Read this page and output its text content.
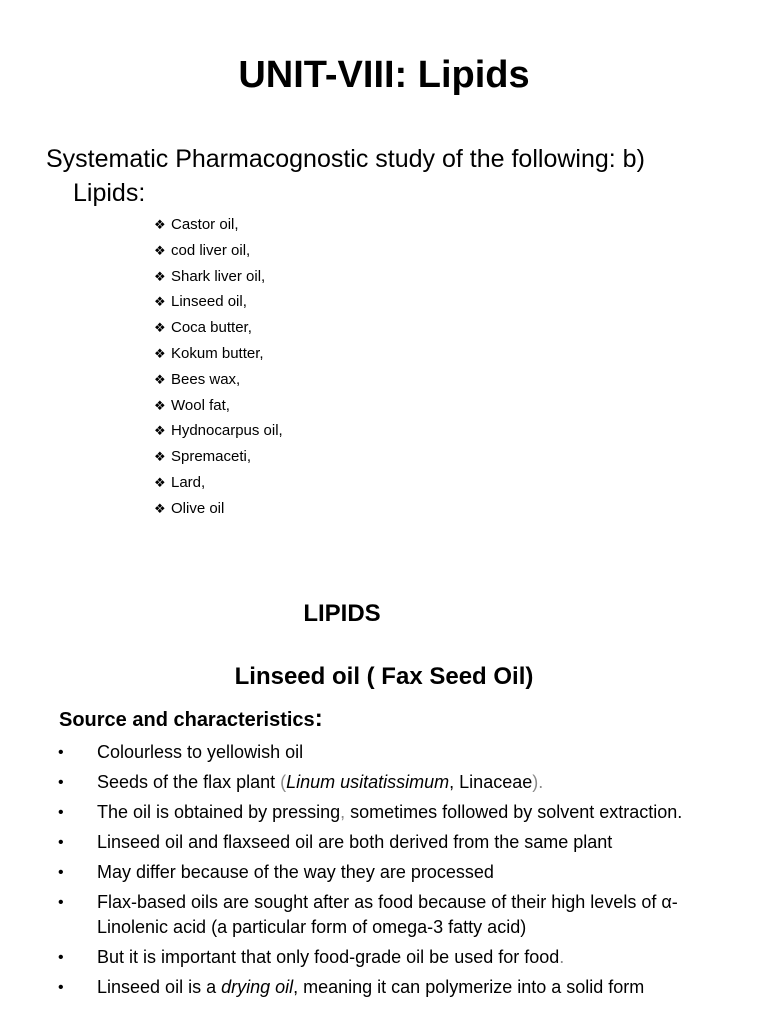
UNIT-VIII: Lipids
Systematic Pharmacognostic study of the following: b)
Lipids:
❖ Castor oil,
❖ cod liver oil,
❖ Shark liver oil,
❖ Linseed oil,
❖ Coca butter,
❖ Kokum butter,
❖ Bees wax,
❖ Wool fat,
❖ Hydnocarpus oil,
❖ Spremaceti,
❖ Lard,
❖ Olive oil
LIPIDS
Linseed oil ( Fax Seed Oil)
Source and characteristics:
• Colourless to yellowish oil
• Seeds of the flax plant (Linum usitatissimum, Linaceae).
• The oil is obtained by pressing, sometimes followed by solvent extraction.
• Linseed oil and flaxseed oil are both derived from the same plant
• May differ because of the way they are processed
• Flax-based oils are sought after as food because of their high levels of α-Linolenic acid (a particular form of omega-3 fatty acid)
• But it is important that only food-grade oil be used for food.
• Linseed oil is a drying oil, meaning it can polymerize into a solid form
